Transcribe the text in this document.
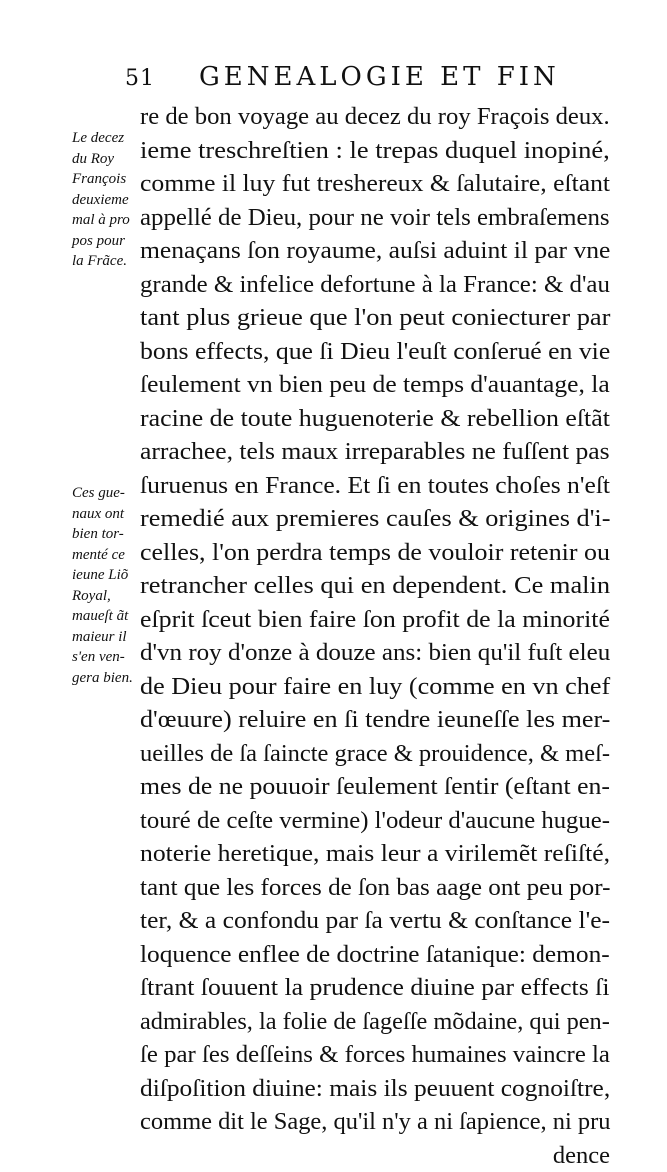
51 GENEALOGIE ET FIN
Le decez
du Roy
François
deuxieme
mal à pro
pos pour
la Frãce.
Ces gue-
naux ont
bien tor-
menté ce
ieune Liõ
Royal,
maueſt ãt
maieur il
s'en ven-
gera bien.
re de bon voyage au decez du roy Fraçois deux.
ieme treschreſtien : le trepas duquel inopiné,
comme il luy fut treshereux & ſalutaire, eſtant
appellé de Dieu, pour ne voir tels embraſemens
menaçans ſon royaume, auſsi aduint il par vne
grande & infelice defortune à la France: & d'au
tant plus grieue que l'on peut coniecturer par
bons effects, que ſi Dieu l'euſt conſerué en vie
ſeulement vn bien peu de temps d'auantage, la
racine de toute huguenoterie & rebellion eſtãt
arrachee, tels maux irreparables ne fuſſent pas
ſuruenus en France. Et ſi en toutes choſes n'eſt
remedié aux premieres cauſes & origines d'i-
celles, l'on perdra temps de vouloir retenir ou
retrancher celles qui en dependent. Ce malin
eſprit ſceut bien faire ſon profit de la minorité
d'vn roy d'onze à douze ans: bien qu'il fuſt eleu
de Dieu pour faire en luy (comme en vn chef
d'œuure) reluire en ſi tendre ieuneſſe les mer-
ueilles de ſa ſaincte grace & prouidence, & meſ-
mes de ne pouuoir ſeulement ſentir (eſtant en-
touré de ceſte vermine) l'odeur d'aucune hugue-
noterie heretique, mais leur a virilemẽt reſiſté,
tant que les forces de ſon bas aage ont peu por-
ter, & a confondu par ſa vertu & conſtance l'e-
loquence enflee de doctrine ſatanique: demon-
ſtrant ſouuent la prudence diuine par effects ſi
admirables, la folie de ſageſſe mõdaine, qui pen-
ſe par ſes deſſeins & forces humaines vaincre la
diſpoſition diuine: mais ils peuuent cognoiſtre,
comme dit le Sage, qu'il n'y a ni ſapience, ni pru
dence
